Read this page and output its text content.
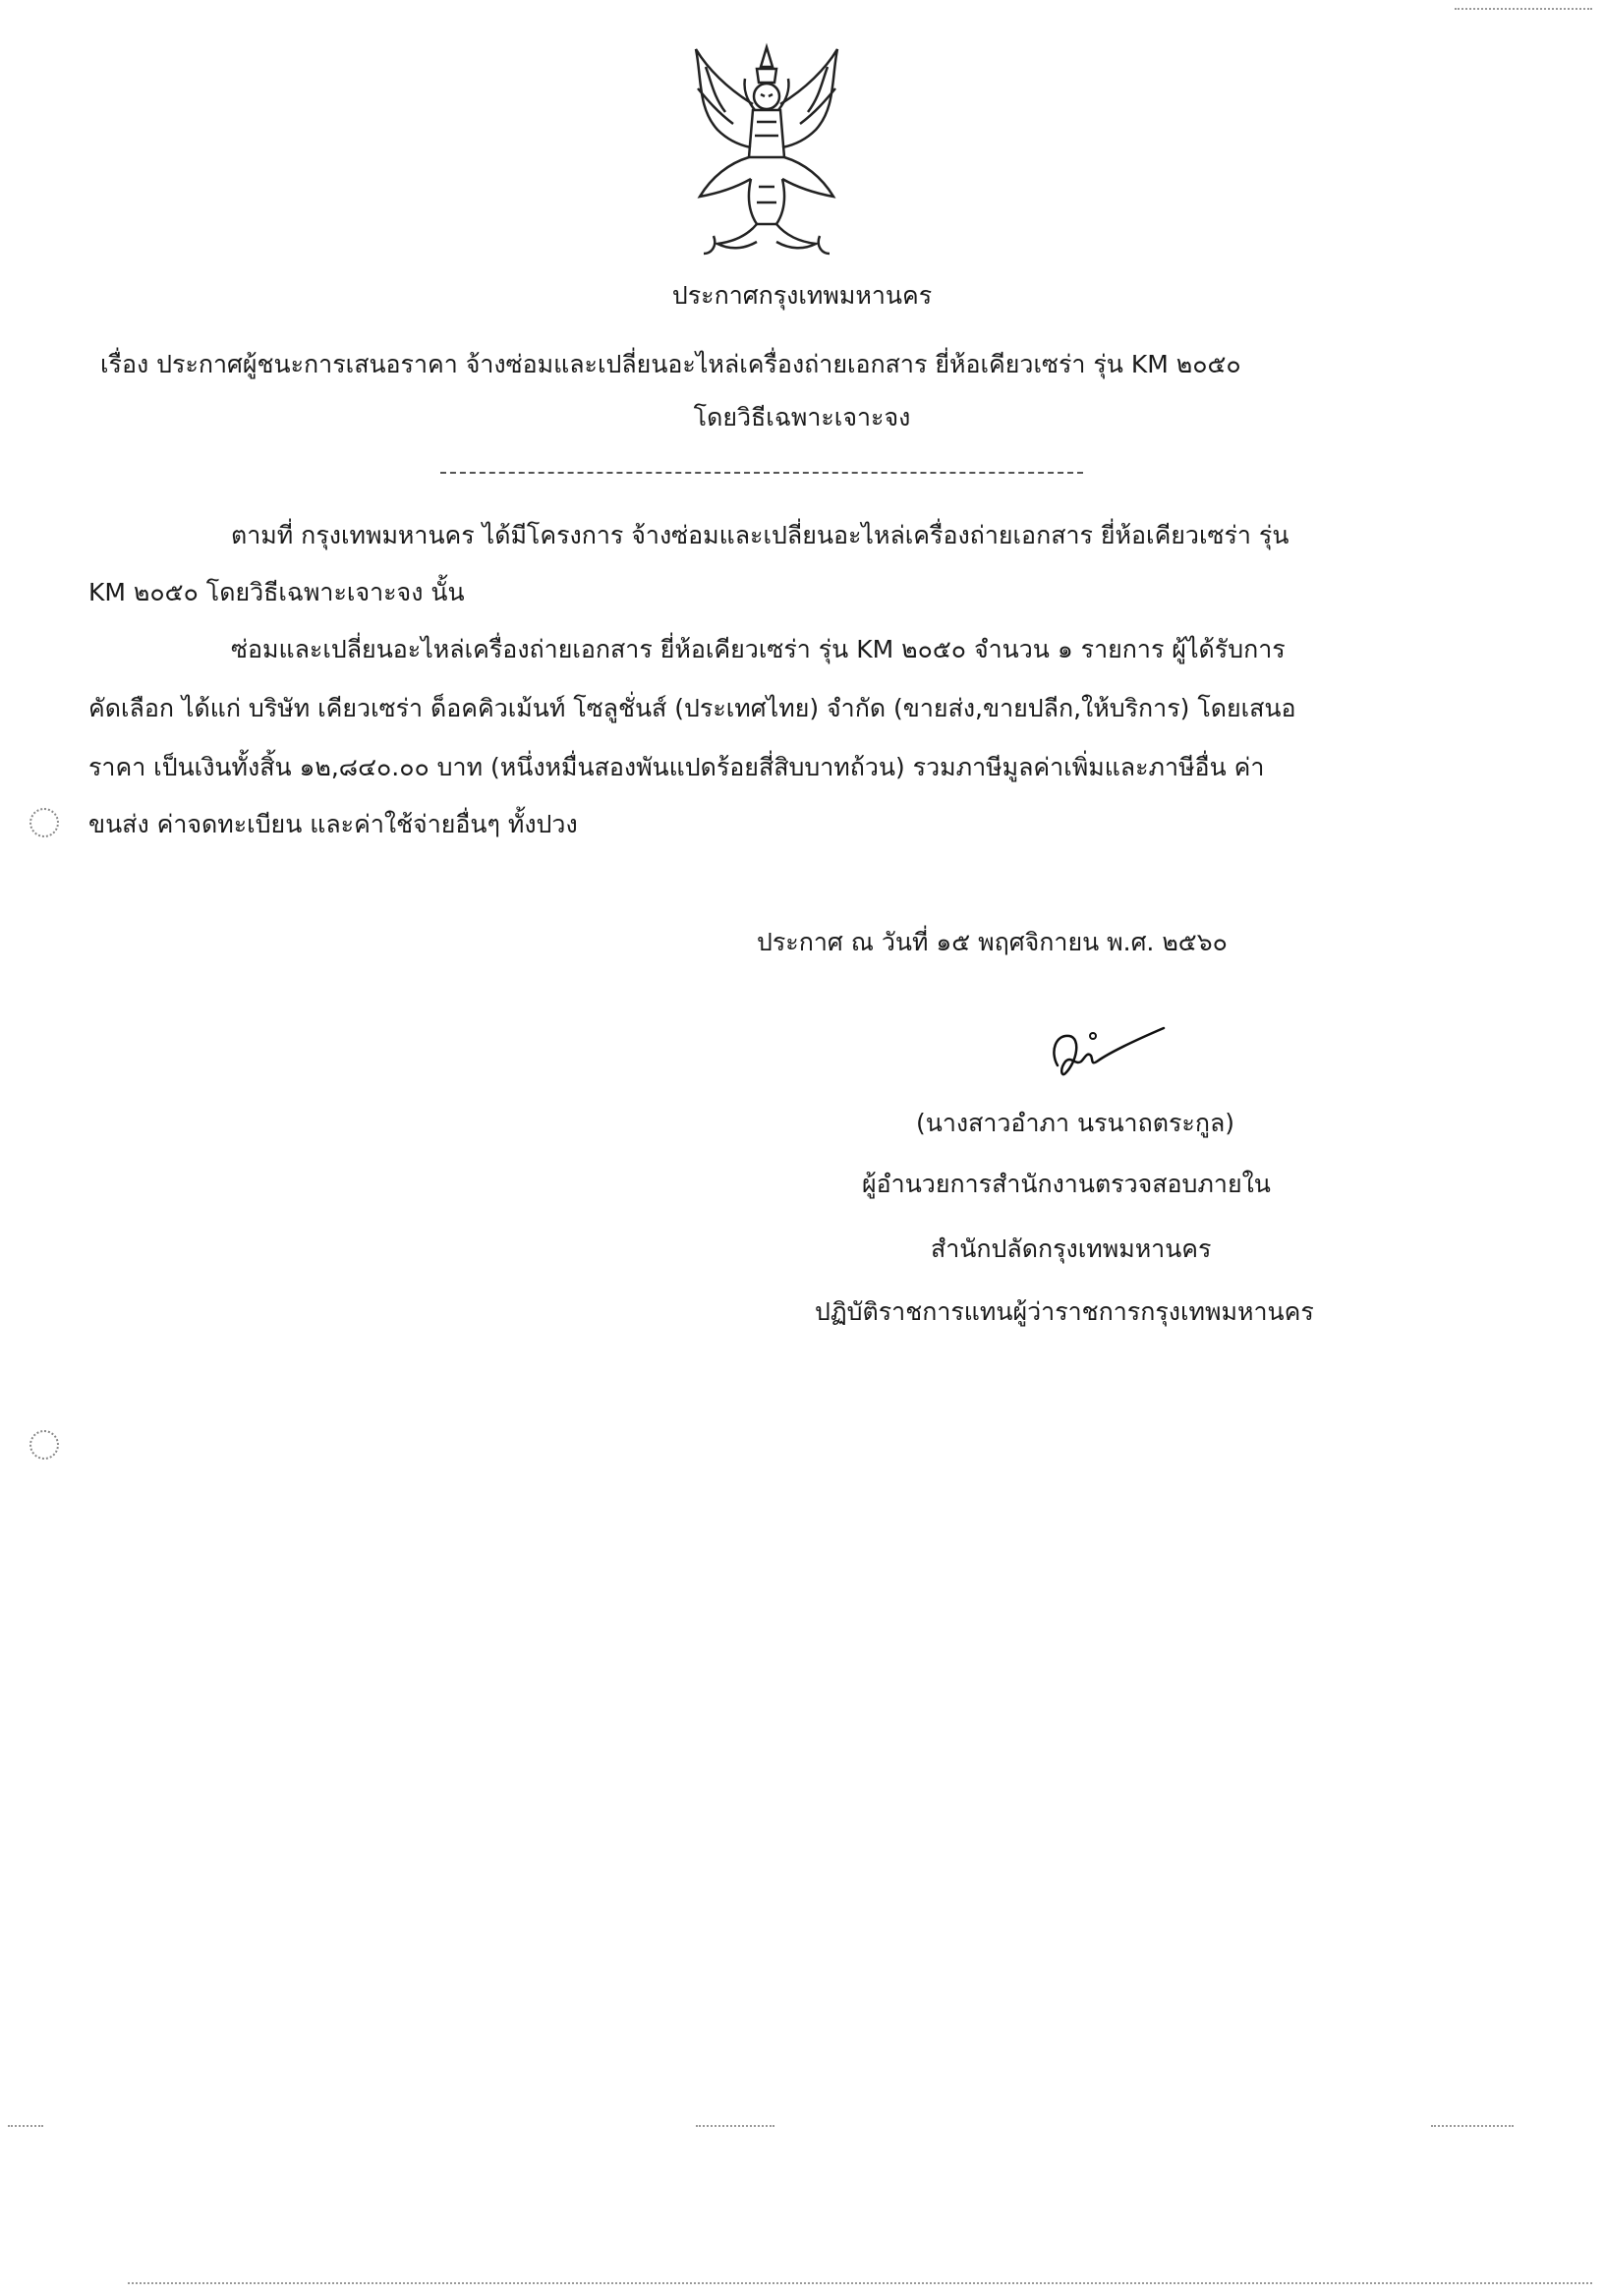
ประกาศกรุงเทพมหานคร
เรื่อง ประกาศผู้ชนะการเสนอราคา จ้างซ่อมและเปลี่ยนอะไหล่เครื่องถ่ายเอกสาร ยี่ห้อเคียวเซร่า รุ่น KM ๒๐๕๐
โดยวิธีเฉพาะเจาะจง
ตามที่ กรุงเทพมหานคร ได้มีโครงการ จ้างซ่อมและเปลี่ยนอะไหล่เครื่องถ่ายเอกสาร ยี่ห้อเคียวเซร่า รุ่น
KM ๒๐๕๐ โดยวิธีเฉพาะเจาะจง นั้น
ซ่อมและเปลี่ยนอะไหล่เครื่องถ่ายเอกสาร ยี่ห้อเคียวเซร่า รุ่น KM ๒๐๕๐ จำนวน ๑ รายการ ผู้ได้รับการ
คัดเลือก ได้แก่ บริษัท เคียวเซร่า ด็อคคิวเม้นท์ โซลูชั่นส์ (ประเทศไทย) จำกัด (ขายส่ง,ขายปลีก,ให้บริการ) โดยเสนอ
ราคา เป็นเงินทั้งสิ้น ๑๒,๘๔๐.๐๐ บาท (หนึ่งหมื่นสองพันแปดร้อยสี่สิบบาทถ้วน) รวมภาษีมูลค่าเพิ่มและภาษีอื่น ค่า
ขนส่ง ค่าจดทะเบียน และค่าใช้จ่ายอื่นๆ ทั้งปวง
ประกาศ ณ วันที่ ๑๕ พฤศจิกายน พ.ศ. ๒๕๖๐
(นางสาวอำภา นรนาถตระกูล)
ผู้อำนวยการสำนักงานตรวจสอบภายใน
สำนักปลัดกรุงเทพมหานคร
ปฏิบัติราชการแทนผู้ว่าราชการกรุงเทพมหานคร
